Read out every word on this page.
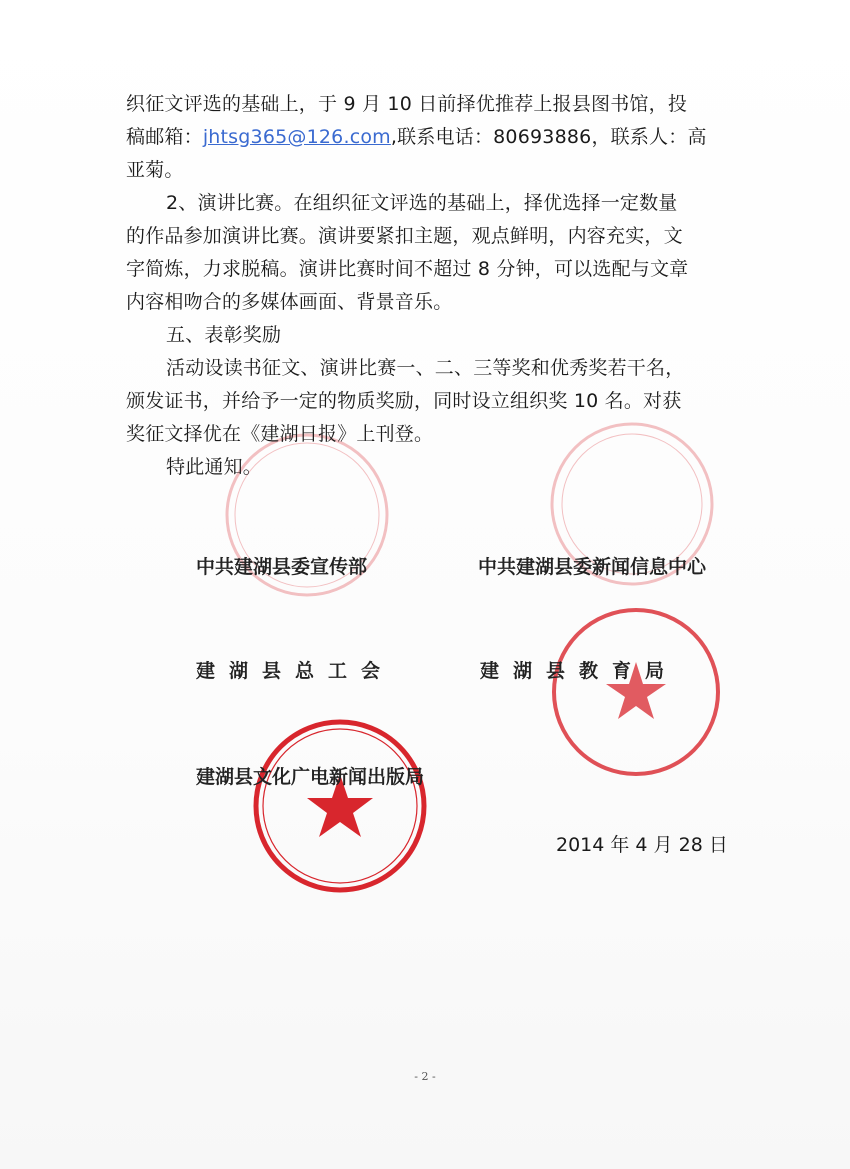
织征文评选的基础上，于 9 月 10 日前择优推荐上报县图书馆，投
稿邮箱：jhtsg365@126.com,联系电话：80693886，联系人：高
亚菊。
2、演讲比赛。在组织征文评选的基础上，择优选择一定数量
的作品参加演讲比赛。演讲要紧扣主题，观点鲜明，内容充实，文
字简炼，力求脱稿。演讲比赛时间不超过 8 分钟，可以选配与文章
内容相吻合的多媒体画面、背景音乐。
五、表彰奖励
活动设读书征文、演讲比赛一、二、三等奖和优秀奖若干名，
颁发证书，并给予一定的物质奖励，同时设立组织奖 10 名。对获
奖征文择优在《建湖日报》上刊登。
特此通知。
中共建湖县委宣传部	中共建湖县委新闻信息中心
建湖县总工会	建湖县教育局
建湖县文化广电新闻出版局
2014 年 4 月 28 日
- 2 -
